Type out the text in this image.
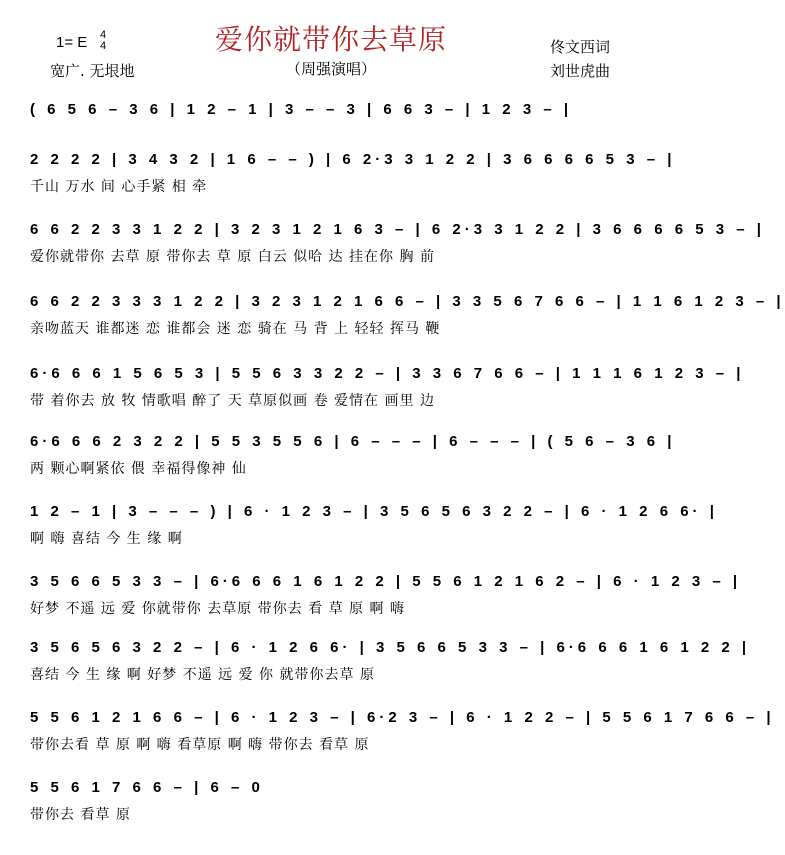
爱你就带你去草原
1= E 4
4
宽广. 无垠地	（周强演唱）
佟文西词
刘世虎曲
( 6 5 6 – 3 6 | 1 2 – 1 | 3 – – 3 | 6 6 3 – | 1 2 3 – |
2 2 2 2 | 3 4 3 2 | 1 6 – – ) | 6 2·3 3 1 2 2 | 3 6 6 6 6 5 3 – |
千山 万水 间 心手紧 相 牵
6 6 2 2 3 3 1 2 2 | 3 2 3 1 2 1 6 3 – | 6 2·3 3 1 2 2 | 3 6 6 6 6 5 3 – |
爱你就带你 去草 原 带你去 草 原 白云 似哈 达 挂在你 胸 前
6 6 2 2 3 3 3 1 2 2 | 3 2 3 1 2 1 6 6 – | 3 3 5 6 7 6 6 – | 1 1 6 1 2 3 – |
亲吻蓝天 谁都迷 恋 谁都会 迷 恋 骑在 马 背 上 轻轻 挥马 鞭
6·6 6 6 1 5 6 5 3 | 5 5 6 3 3 2 2 – | 3 3 6 7 6 6 – | 1 1 1 6 1 2 3 – |
带 着你去 放 牧 情歌唱 醉了 天 草原似画 卷 爱情在 画里 边
6·6 6 6 2 3 2 2 | 5 5 3 5 5 6 | 6 – – – | 6 – – – | ( 5 6 – 3 6 |
两 颗心啊紧依 偎 幸福得像神 仙
1 2 – 1 | 3 – – – ) | 6 · 1 2 3 – | 3 5 6 5 6 3 2 2 – | 6 · 1 2 6 6· |
啊 嗨 喜结 今 生 缘 啊
3 5 6 6 5 3 3 – | 6·6 6 6 1 6 1 2 2 | 5 5 6 1 2 1 6 2 – | 6 · 1 2 3 – |
好梦 不遥 远 爱 你就带你 去草原 带你去 看 草 原 啊 嗨
3 5 6 5 6 3 2 2 – | 6 · 1 2 6 6· | 3 5 6 6 5 3 3 – | 6·6 6 6 1 6 1 2 2 |
喜结 今 生 缘 啊 好梦 不遥 远 爱 你 就带你去草 原
5 5 6 1 2 1 6 6 – | 6 · 1 2 3 – | 6·2 3 – | 6 · 1 2 2 – | 5 5 6 1 7 6 6 – |
带你去看 草 原 啊 嗨 看草原 啊 嗨 带你去 看草 原
5 5 6 1 7 6 6 – | 6 – 0
带你去 看草 原
